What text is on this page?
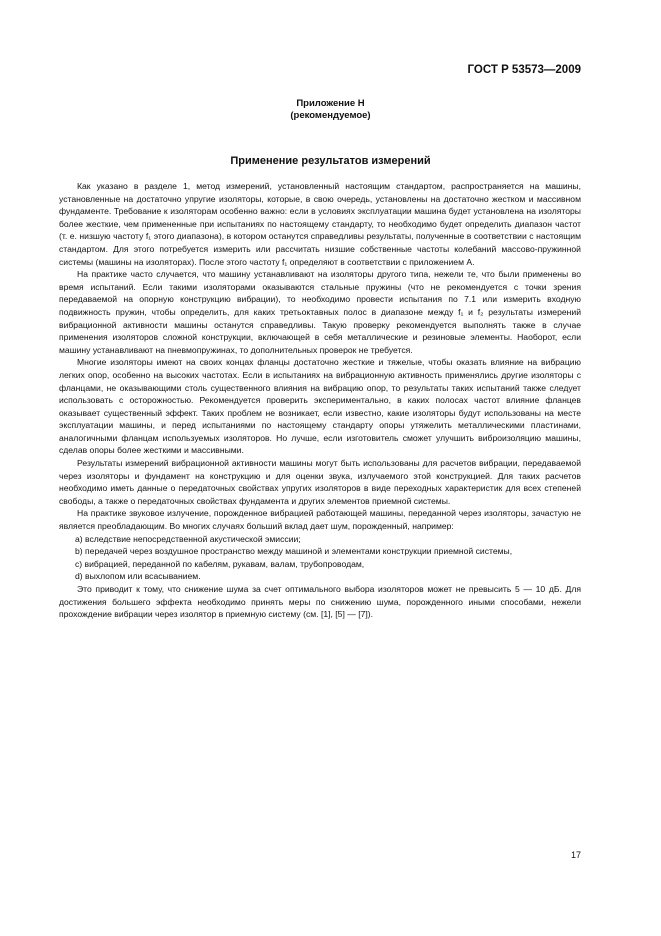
ГОСТ Р 53573—2009
Приложение Н
(рекомендуемое)
Применение результатов измерений

Как указано в разделе 1, метод измерений, установленный настоящим стандартом, распространяется на машины, установленные на достаточно упругие изоляторы, которые, в свою очередь, установлены на достаточно жестком и массивном фундаменте. Требование к изоляторам особенно важно: если в условиях эксплуатации машина будет установлена на изоляторы более жесткие, чем примененные при испытаниях по настоящему стандарту, то необходимо будет определить диапазон частот (т. е. низшую частоту f₁ этого диапазона), в котором останутся справедливы результаты, полученные в соответствии с настоящим стандартом. Для этого потребуется измерить или рассчитать низшие собственные частоты колебаний массово-пружинной системы (машины на изоляторах). После этого частоту f₁ определяют в соответствии с приложением А.

На практике часто случается, что машину устанавливают на изоляторы другого типа, нежели те, что были применены во время испытаний. Если такими изоляторами оказываются стальные пружины (что не рекомендуется с точки зрения передаваемой на опорную конструкцию вибрации), то необходимо провести испытания по 7.1 или измерить входную подвижность пружин, чтобы определить, для каких третьоктавных полос в диапазоне между f₁ и f₂ результаты измерений вибрационной активности машины останутся справедливы. Такую проверку рекомендуется выполнять также в случае применения изоляторов сложной конструкции, включающей в себя металлические и резиновые элементы. Наоборот, если машину устанавливают на пневмопружинах, то дополнительных проверок не требуется.

Многие изоляторы имеют на своих концах фланцы достаточно жесткие и тяжелые, чтобы оказать влияние на вибрацию легких опор, особенно на высоких частотах. Если в испытаниях на вибрационную активность применялись другие изоляторы с фланцами, не оказывающими столь существенного влияния на вибрацию опор, то результаты таких испытаний также следует использовать с осторожностью. Рекомендуется проверить экспериментально, в каких полосах частот влияние фланцев оказывает существенный эффект. Таких проблем не возникает, если известно, какие изоляторы будут использованы на месте эксплуатации машины, и перед испытаниями по настоящему стандарту опоры утяжелить металлическими пластинами, аналогичными фланцам используемых изоляторов. Но лучше, если изготовитель сможет улучшить виброизоляцию машины, сделав опоры более жесткими и массивными.

Результаты измерений вибрационной активности машины могут быть использованы для расчетов вибрации, передаваемой через изоляторы и фундамент на конструкцию и для оценки звука, излучаемого этой конструкцией. Для таких расчетов необходимо иметь данные о передаточных свойствах упругих изоляторов в виде переходных характеристик для всех степеней свободы, а также о передаточных свойствах фундамента и других элементов приемной системы.

На практике звуковое излучение, порожденное вибрацией работающей машины, переданной через изоляторы, зачастую не является преобладающим. Во многих случаях больший вклад дает шум, порожденный, например:

а) вследствие непосредственной акустической эмиссии;
b) передачей через воздушное пространство между машиной и элементами конструкции приемной системы,
c) вибрацией, переданной по кабелям, рукавам, валам, трубопроводам,
d) выхлопом или всасыванием.

Это приводит к тому, что снижение шума за счет оптимального выбора изоляторов может не превысить 5 — 10 дБ. Для достижения большего эффекта необходимо принять меры по снижению шума, порожденного иными способами, нежели прохождение вибрации через изолятор в приемную систему (см. [1], [5] — [7]).

17
